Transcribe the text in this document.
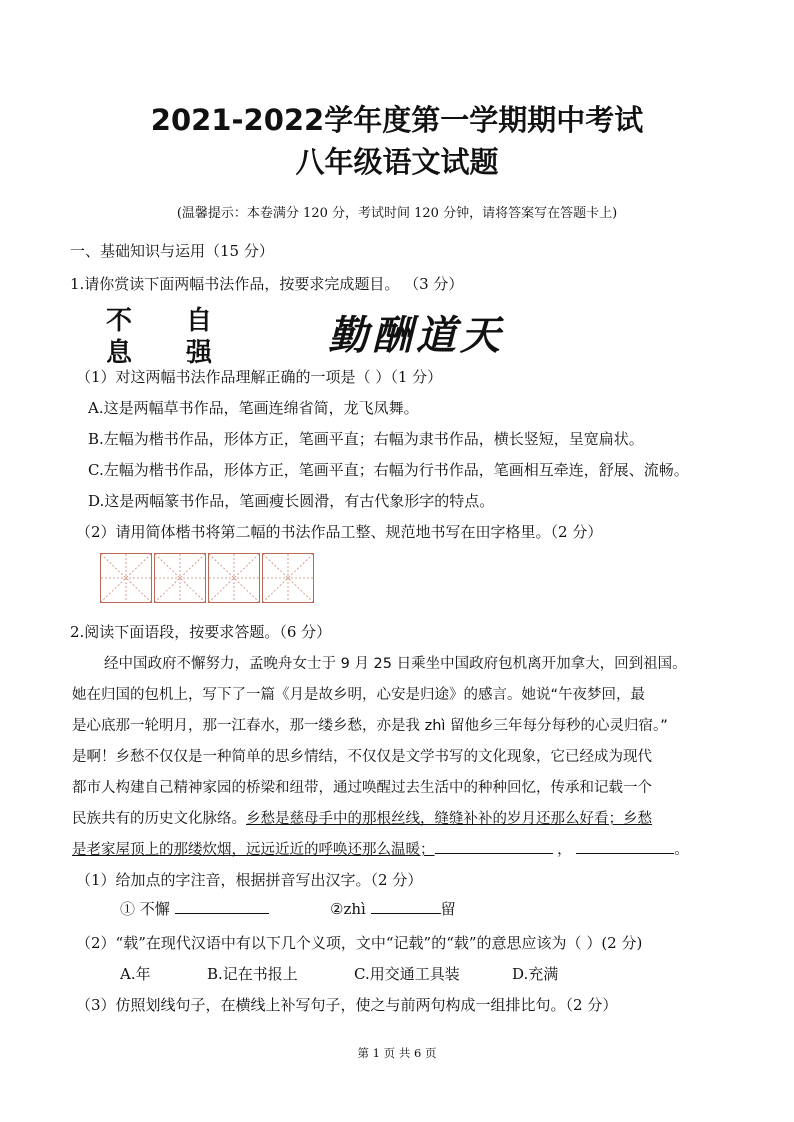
2021-2022学年度第一学期期中考试
八年级语文试题
(温馨提示：本卷满分 120 分，考试时间 120 分钟，请将答案写在答题卡上)
一、基础知识与运用（15 分）
1.请你赏读下面两幅书法作品，按要求完成题目。 （3 分）
不 自
息 强	勤酬道天
（1）对这两幅书法作品理解正确的一项是（ ）（1 分）
A.这是两幅草书作品，笔画连绵省简，龙飞凤舞。
B.左幅为楷书作品，形体方正，笔画平直；右幅为隶书作品，横长竖短，呈宽扁状。
C.左幅为楷书作品，形体方正，笔画平直；右幅为行书作品，笔画相互牵连，舒展、流畅。
D.这是两幅篆书作品，笔画瘦长圆滑，有古代象形字的特点。
（2）请用简体楷书将第二幅的书法作品工整、规范地书写在田字格里。（2 分）
2.阅读下面语段，按要求答题。（6 分）
经中国政府不懈努力，孟晚舟女士于 9 月 25 日乘坐中国政府包机离开加拿大，回到祖国。
她在归国的包机上，写下了一篇《月是故乡明，心安是归途》的感言。她说“午夜梦回，最
是心底那一轮明月，那一江春水，那一缕乡愁，亦是我 zhì 留他乡三年每分每秒的心灵归宿。”
是啊！乡愁不仅仅是一种简单的思乡情结，不仅仅是文学书写的文化现象，它已经成为现代
都市人构建自己精神家园的桥梁和纽带，通过唤醒过去生活中的种种回忆，传承和记载一个
民族共有的历史文化脉络。乡愁是慈母手中的那根丝线，缝缝补补的岁月还那么好看；乡愁
是老家屋顶上的那缕炊烟，远远近近的呼唤还那么温暖；	，	。
（1）给加点的字注音，根据拼音写出汉字。（2 分）
① 不懈	②zhì	留
（2）“载”在现代汉语中有以下几个义项，文中“记载”的“载”的意思应该为（ ）(2 分)
A.年	B.记在书报上	C.用交通工具装	D.充满
（3）仿照划线句子，在横线上补写句子，使之与前两句构成一组排比句。（2 分）
第 1 页 共 6 页
